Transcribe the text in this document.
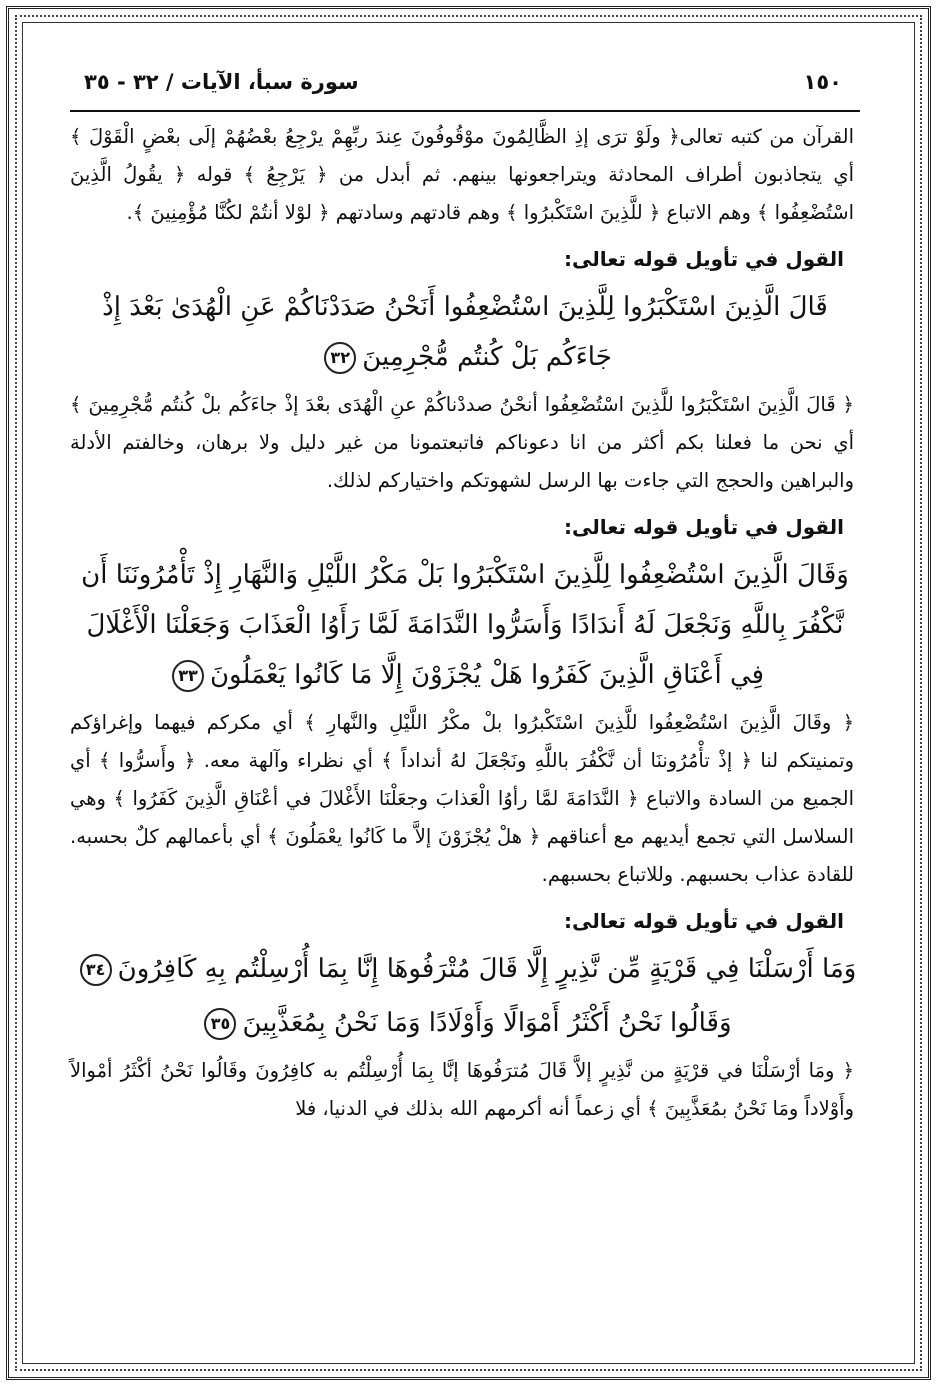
١٥٠
سورة سبأ، الآيات / ٣٢ - ٣٥

القرآن من كتبه تعالى﴿ ولَوْ ترَى إذِ الظَّالِمُونَ موْقُوفُونَ عِندَ ربِّهِمْ يرْجِعُ بعْضُهُمْ إلَى بعْضٍ الْقَوْلَ ﴾ أي يتجاذبون أطراف المحادثة ويتراجعونها بينهم. ثم أبدل من ﴿ يَرْجِعُ ﴾ قوله ﴿ يقُولُ الَّذِينَ اسْتُضْعِفُوا ﴾ وهم الاتباع ﴿ للَّذِينَ اسْتَكْبرُوا ﴾ وهم قادتهم وسادتهم ﴿ لوْلا أنتُمْ لكُنَّا مُؤْمِنِينَ ﴾.

القول في تأويل قوله تعالى:
قَالَ الَّذِينَ اسْتَكْبَرُوا لِلَّذِينَ اسْتُضْعِفُوا أَنَحْنُ صَدَدْنَاكُمْ عَنِ الْهُدَىٰ بَعْدَ إِذْ
جَاءَكُم بَلْ كُنتُم مُّجْرِمِينَ٣٢

﴿ قَالَ الَّذِينَ اسْتَكْبَرُوا للَّذِينَ اسْتُضْعِفُوا أنحْنُ صددْناكُمْ عنِ الْهُدَى بعْدَ إذْ جاءَكُم بلْ كُنتُم مُّجْرِمِينَ ﴾ أي نحن ما فعلنا بكم أكثر من انا دعوناكم فاتبعتمونا من غير دليل ولا برهان، وخالفتم الأدلة والبراهين والحجج التي جاءت بها الرسل لشهوتكم واختياركم لذلك.

القول في تأويل قوله تعالى:
وَقَالَ الَّذِينَ اسْتُضْعِفُوا لِلَّذِينَ اسْتَكْبَرُوا بَلْ مَكْرُ اللَّيْلِ وَالنَّهَارِ إِذْ تَأْمُرُونَنَا أَن
نَّكْفُرَ بِاللَّهِ وَنَجْعَلَ لَهُ أَندَادًا وَأَسَرُّوا النَّدَامَةَ لَمَّا رَأَوُا الْعَذَابَ وَجَعَلْنَا الْأَغْلَالَ
فِي أَعْنَاقِ الَّذِينَ كَفَرُوا هَلْ يُجْزَوْنَ إِلَّا مَا كَانُوا يَعْمَلُونَ٣٣

﴿ وقَالَ الَّذِينَ اسْتُضْعِفُوا للَّذِينَ اسْتَكْبرُوا بلْ مكْرُ اللَّيْلِ والنَّهارِ ﴾ أي مكركم فيهما وإغراؤكم وتمنيتكم لنا ﴿ إذْ تأْمُرُوننَا أن نَّكْفُرَ باللَّهِ ونَجْعَلَ لهُ أنداداً ﴾ أي نظراء وآلهة معه. ﴿ وأَسرُّوا ﴾ أي الجميع من السادة والاتباع ﴿ النَّدَامَةَ لمَّا رأوُا الْعَذابَ وجعَلْنَا الأَغْلالَ في أعْنَاقِ الَّذِينَ كَفَرُوا ﴾ وهي السلاسل التي تجمع أيديهم مع أعناقهم ﴿ هلْ يُجْزَوْنَ إلاَّ ما كَانُوا يعْمَلُونَ ﴾ أي بأعمالهم كلٌ بحسبه. للقادة عذاب بحسبهم. وللاتباع بحسبهم.

القول في تأويل قوله تعالى:
وَمَا أَرْسَلْنَا فِي قَرْيَةٍ مِّن نَّذِيرٍ إِلَّا قَالَ مُتْرَفُوهَا إِنَّا بِمَا أُرْسِلْتُم بِهِ كَافِرُونَ٣٤
وَقَالُوا نَحْنُ أَكْثَرُ أَمْوَالًا وَأَوْلَادًا وَمَا نَحْنُ بِمُعَذَّبِينَ٣٥

﴿ ومَا أرْسَلْنَا في قرْيَةٍ من نَّذِيرٍ إلاَّ قَالَ مُترَفُوهَا إنَّا بِمَا أُرْسِلْتُم به كافِرُونَ وقَالُوا نَحْنُ أكْثَرُ أمْوالاً وأَوْلاداً ومَا نَحْنُ بمُعَذَّبِينَ ﴾ أي زعماً أنه أكرمهم الله بذلك في الدنيا، فلا
